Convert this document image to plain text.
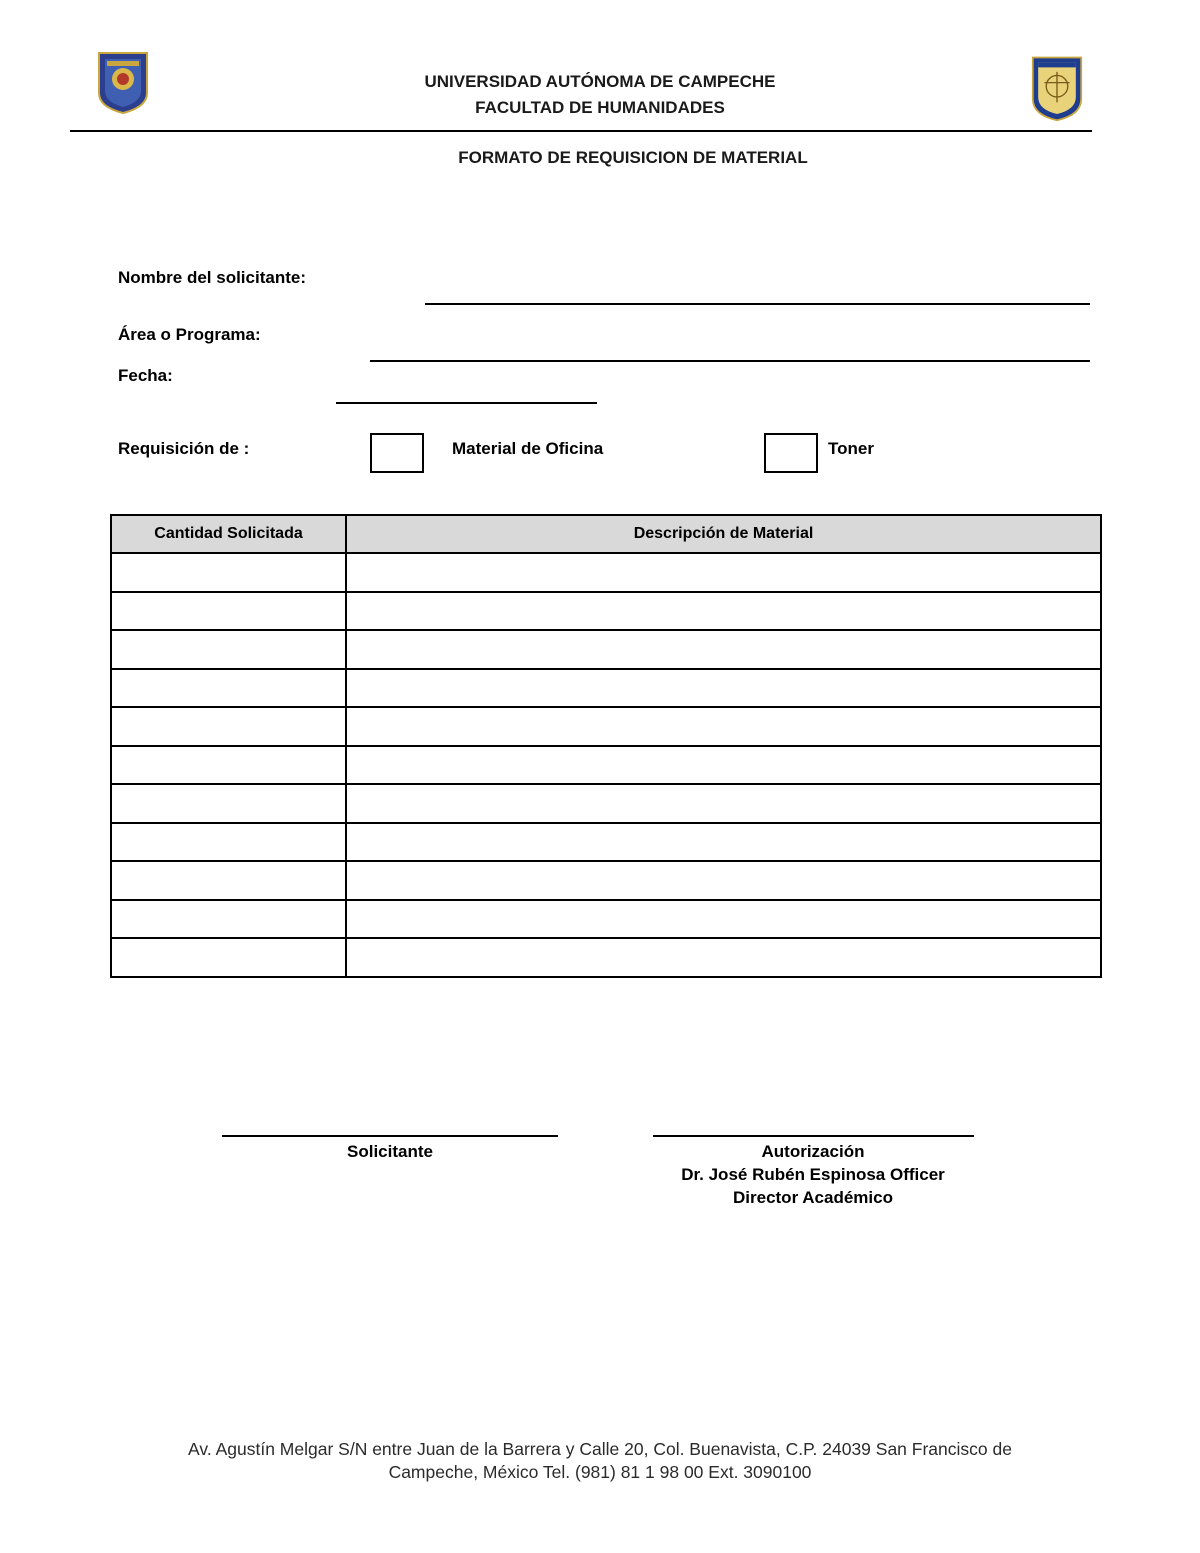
UNIVERSIDAD AUTÓNOMA DE CAMPECHE
FACULTAD DE HUMANIDADES
FORMATO DE REQUISICION DE MATERIAL
Nombre del solicitante:
Área o Programa:
Fecha:
Requisición de :	Material de Oficina	Toner
Cantidad Solicitada	Descripción de Material

Solicitante	Autorización
Dr. José Rubén Espinosa Officer
Director Académico
Av. Agustín Melgar S/N entre Juan de la Barrera y Calle 20, Col. Buenavista, C.P. 24039 San Francisco de
Campeche, México Tel. (981) 81 1 98 00 Ext. 3090100
